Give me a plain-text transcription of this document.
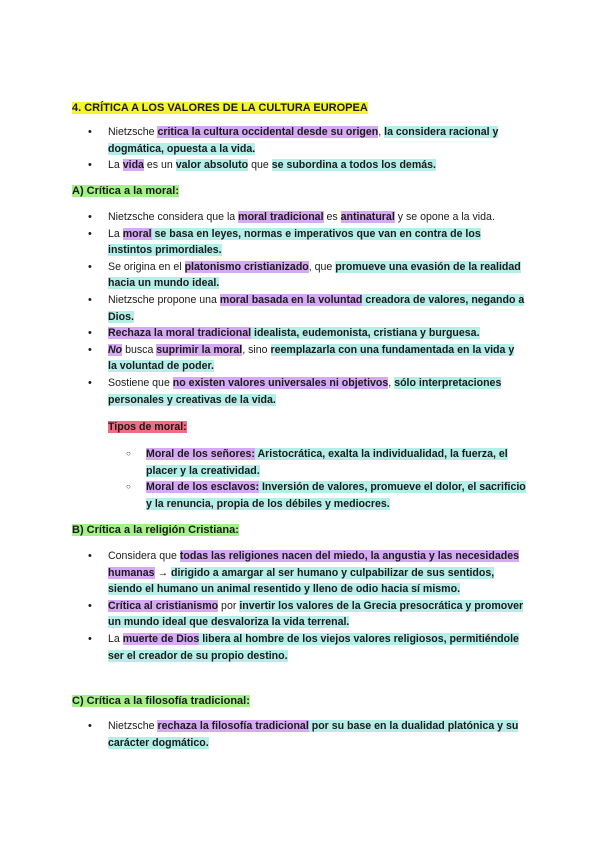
4. CRÍTICA A LOS VALORES DE LA CULTURA EUROPEA
• Nietzsche critica la cultura occidental desde su origen, la considera racional y dogmática, opuesta a la vida.
• La vida es un valor absoluto que se subordina a todos los demás.
A) Crítica a la moral:
• Nietzsche considera que la moral tradicional es antinatural y se opone a la vida.
• La moral se basa en leyes, normas e imperativos que van en contra de los instintos primordiales.
• Se origina en el platonismo cristianizado, que promueve una evasión de la realidad hacia un mundo ideal.
• Nietzsche propone una moral basada en la voluntad creadora de valores, negando a Dios.
• Rechaza la moral tradicional idealista, eudemonista, cristiana y burguesa.
• No busca suprimir la moral, sino reemplazarla con una fundamentada en la vida y la voluntad de poder.
• Sostiene que no existen valores universales ni objetivos, sólo interpretaciones personales y creativas de la vida.
Tipos de moral:
○ Moral de los señores: Aristocrática, exalta la individualidad, la fuerza, el placer y la creatividad.
○ Moral de los esclavos: Inversión de valores, promueve el dolor, el sacrificio y la renuncia, propia de los débiles y mediocres.
B) Crítica a la religión Cristiana:
• Considera que todas las religiones nacen del miedo, la angustia y las necesidades humanas → dirigido a amargar al ser humano y culpabilizar de sus sentidos, siendo el humano un animal resentido y lleno de odio hacia sí mismo.
• Crítica al cristianismo por invertir los valores de la Grecia presocrática y promover un mundo ideal que desvaloriza la vida terrenal.
• La muerte de Dios libera al hombre de los viejos valores religiosos, permitiéndole ser el creador de su propio destino.
C) Crítica a la filosofía tradicional:
• Nietzsche rechaza la filosofía tradicional por su base en la dualidad platónica y su carácter dogmático.
